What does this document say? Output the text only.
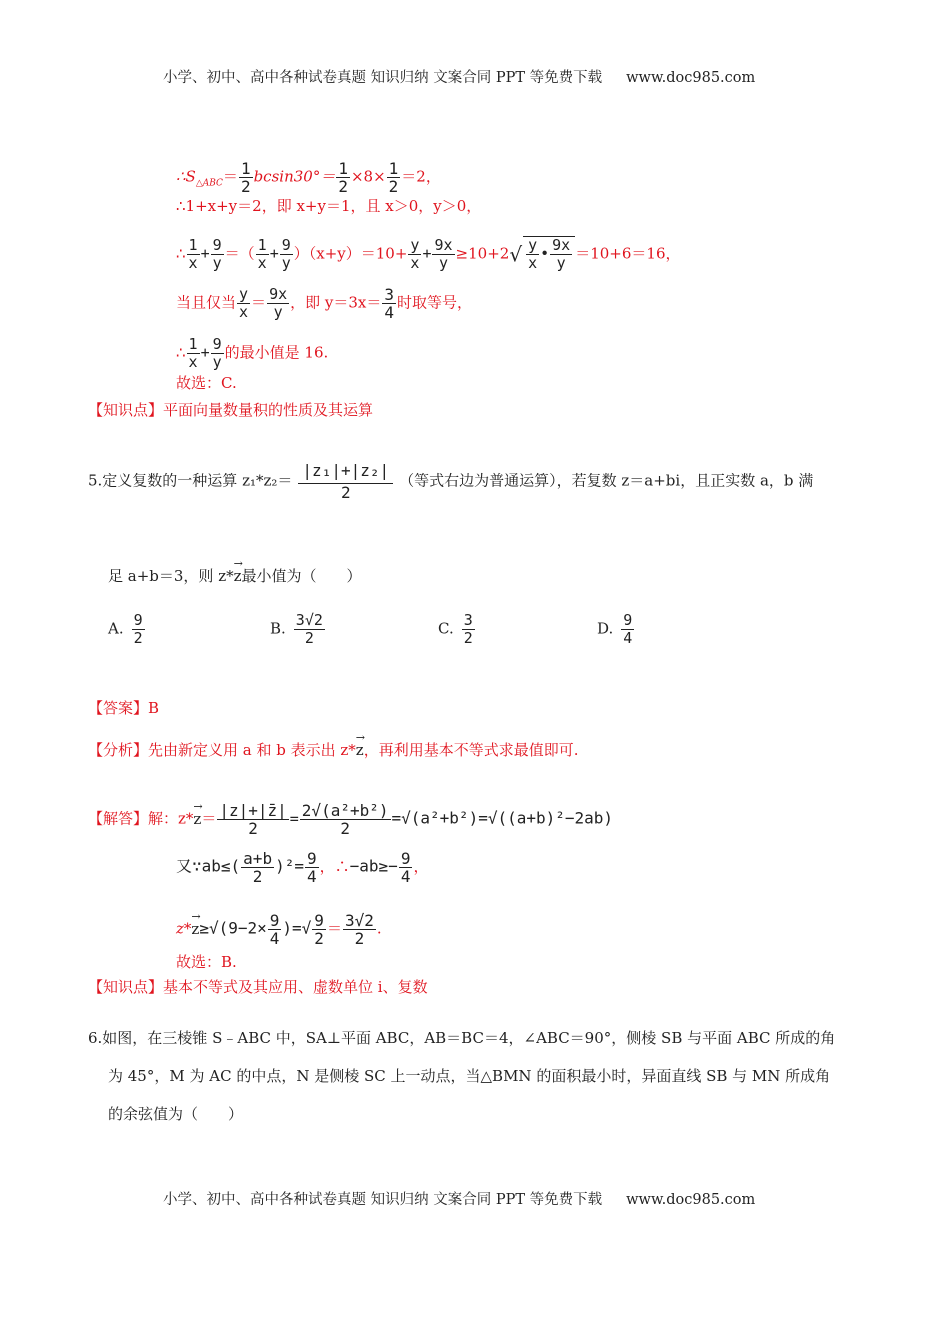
小学、初中、高中各种试卷真题 知识归纳 文案合同 PPT 等免费下载 www.doc985.com
$\therefore S_{\triangle ABC}= \frac{1}{2} bcsin30^\circ= \frac{1}{2} \times 8\times \frac{1}{2} =2$，
∴1+x+y＝2，即 x+y＝1，且 x＞0，y＞0，
∴ $\frac{1}{x} + \frac{9}{y}$ ＝（ $\frac{1}{x} + \frac{9}{y} )(x+y)=10+ \frac{y}{x} + \frac{9x}{y} \ge 10+2√ \frac{y}{x}$ • $\frac{9x}{y} =10+6=16$，
当且仅当 $\frac{y}{x} = \frac{9x}{y}$ ，即 $y=3x= \frac{3}{4}$ 时取等号，
∴ $\frac{1}{x} + \frac{9}{y}$ 的最小值是 16.
故选：C.
【知识点】平面向量数量积的性质及其运算
5.定义复数的一种运算 $z_1*z_2= \frac{\text{|z₁|+|z₂|}}{2}$ （等式右边为普通运算），若复数 z＝a+bi，且正实数 a，b 满
足 a+b＝3，则 z*
→
z最小值为（　　）
A. $\frac{9}{2}$	B. $\frac{3√2}{2}$	C. $\frac{3}{2}$	D. $\frac{9}{4}$
【答案】B
【分析】先由新定义用 a 和 b 表示出 z*
→
z，再利用基本不等式求最值即可.
【解答】解：z*
→
$z= \frac{|z|+|z̄|}{2} = \frac{\text{2√(a²+b²)}}{2} =√(a^2+b^2)=√((a+b)^2-2ab)$
又∵ab≤( $\frac{a+b}{2} )^2= \frac{9}{4}$ ，∴−ab≥− $\frac{9}{4}$ ，
z*
→
$z\ge√(9-2\times \frac{9}{4}$ )=√ $\frac{9}{2} = \frac{3√2}{2}$ .
故选：B.
【知识点】基本不等式及其应用、虚数单位 i、复数
6.如图，在三棱锥 S﹣ABC 中，SA⊥平面 ABC，AB＝BC＝4，∠ABC＝90°，侧棱 SB 与平面 ABC 所成的角
为 45°，M 为 AC 的中点，N 是侧棱 SC 上一动点，当△BMN 的面积最小时，异面直线 SB 与 MN 所成角
的余弦值为（　　）
小学、初中、高中各种试卷真题 知识归纳 文案合同 PPT 等免费下载 www.doc985.com
